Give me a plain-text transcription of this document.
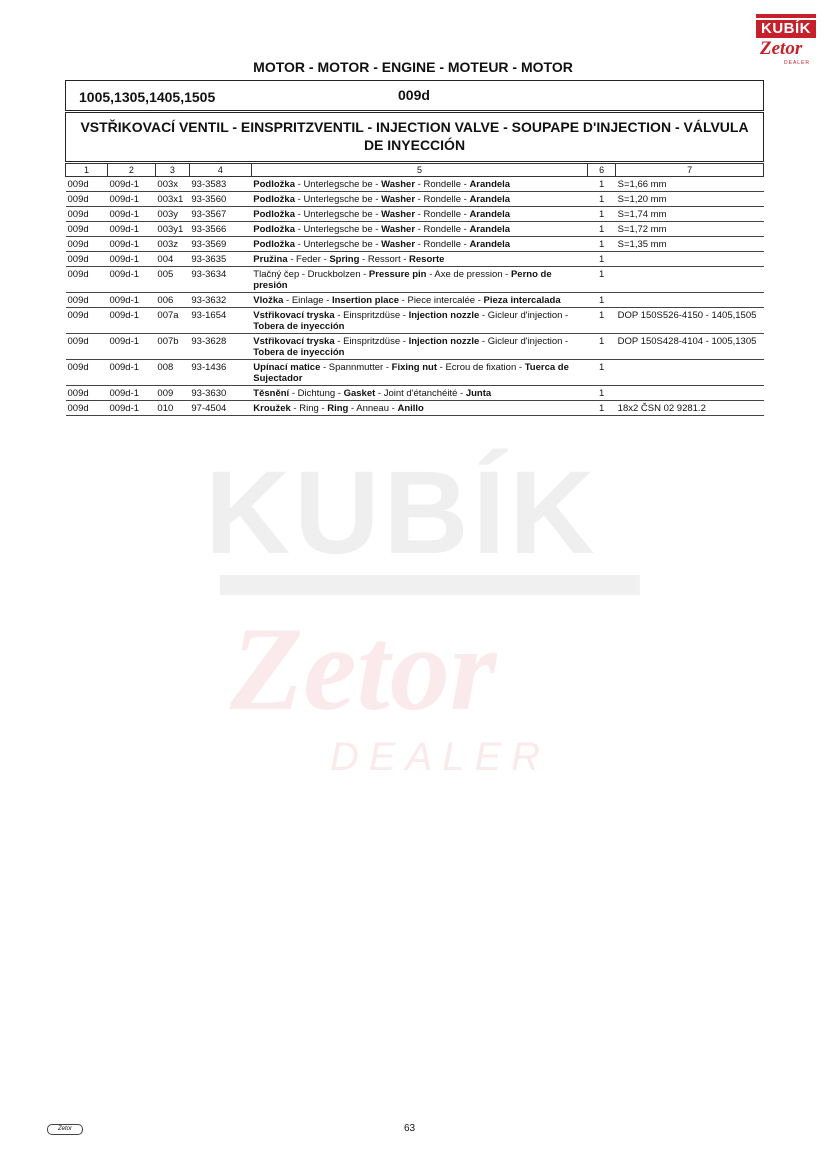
KUBÍK
Zetor
DEALER
KUBÍK
Zetor
DEALER
MOTOR - MOTOR - ENGINE - MOTEUR - MOTOR
1005,1305,1405,1505	009d
VSTŘIKOVACÍ VENTIL - EINSPRITZVENTIL - INJECTION VALVE - SOUPAPE D'INJECTION - VÁLVULA DE INYECCIÓN
1	2	3	4	5	6	7
009d	009d-1	003x	93-3583	Podložka - Unterlegsche be - Washer - Rondelle - Arandela	1	S=1,66 mm
009d	009d-1	003x1	93-3560	Podložka - Unterlegsche be - Washer - Rondelle - Arandela	1	S=1,20 mm
009d	009d-1	003y	93-3567	Podložka - Unterlegsche be - Washer - Rondelle - Arandela	1	S=1,74 mm
009d	009d-1	003y1	93-3566	Podložka - Unterlegsche be - Washer - Rondelle - Arandela	1	S=1,72 mm
009d	009d-1	003z	93-3569	Podložka - Unterlegsche be - Washer - Rondelle - Arandela	1	S=1,35 mm
009d	009d-1	004	93-3635	Pružina - Feder - Spring - Ressort - Resorte	1	
009d	009d-1	005	93-3634	Tlačný čep - Druckbolzen - Pressure pin - Axe de pression - Perno de presión	1	
009d	009d-1	006	93-3632	Vložka - Einlage - Insertion place - Piece intercalée - Pieza intercalada	1	
009d	009d-1	007a	93-1654	Vstřikovací tryska - Einspritzdüse - Injection nozzle - Gicleur d'injection - Tobera de inyección	1	DOP 150S526-4150 - 1405,1505
009d	009d-1	007b	93-3628	Vstřikovací tryska - Einspritzdüse - Injection nozzle - Gicleur d'injection - Tobera de inyección	1	DOP 150S428-4104 - 1005,1305
009d	009d-1	008	93-1436	Upínací matice - Spannmutter - Fixing nut - Ecrou de fixation - Tuerca de Sujectador	1	
009d	009d-1	009	93-3630	Těsnění - Dichtung - Gasket - Joint d'étanchéité - Junta	1	
009d	009d-1	010	97-4504	Kroužek - Ring - Ring - Anneau - Anillo	1	18x2 ČSN 02 9281.2
Zetor	63
